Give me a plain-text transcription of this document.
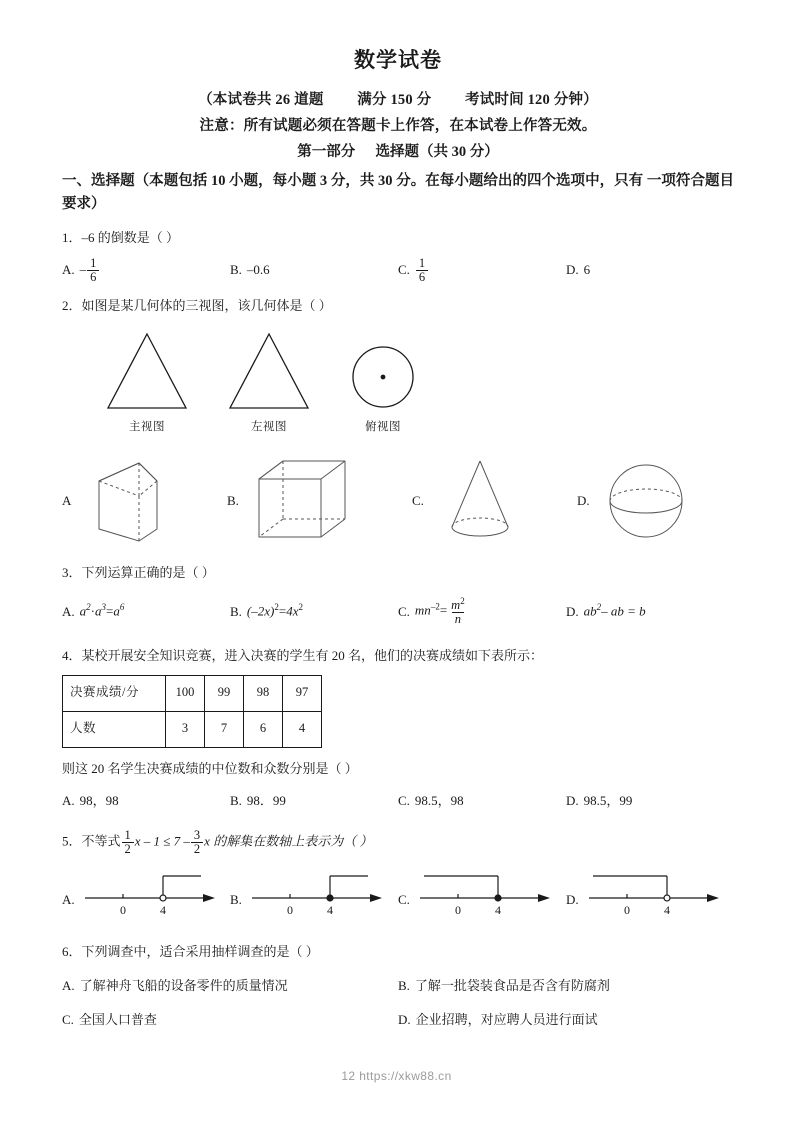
数学试卷
（本试卷共 26 道题 满分 150 分 考试时间 120 分钟）
注意：所有试题必须在答题卡上作答，在本试卷上作答无效。
第一部分 选择题（共 30 分）
一、选择题（本题包括 10 小题，每小题 3 分，共 30 分。在每小题给出的四个选项中，只有 一项符合题目要求）
1．–6 的倒数是（ ）
A. – $\frac{1}{6}$	B. –0.6	C. $\frac{1}{6}$	D. 6
2．如图是某几何体的三视图，该几何体是（ ）
主视图	左视图	俯视图
A	B.	C.	D.
3．下列运算正确的是（ ）
A. $a^2\cdot a^3=a^6$	B. $(-2x)^2=4x^2$	C. $mn^{-2}= \frac{m^2}{n}$	D. $ab^2-$ ab = b
4．某校开展安全知识竞赛，进入决赛的学生有 20 名，他们的决赛成绩如下表所示：
决赛成绩/分	100	99	98	97
人数	3	7	6	4
则这 20 名学生决赛成绩的中位数和众数分别是（ ）
A. 98，98	B. 98．99	C. 98.5，98	D. 98.5，99
5．不等式 $\frac{1}{2}$ $x - 1 \le 7 - \frac{3}{2}$ x 的解集在数轴上表示为（ ）
A.
0	4
B.
0	4
C.
0	4
D.
0	4
6．下列调查中，适合采用抽样调查的是（ ）
A. 了解神舟飞船的设备零件的质量情况	B. 了解一批袋装食品是否含有防腐剂
C. 全国人口普查	D. 企业招聘，对应聘人员进行面试
12 https://xkw88.cn
